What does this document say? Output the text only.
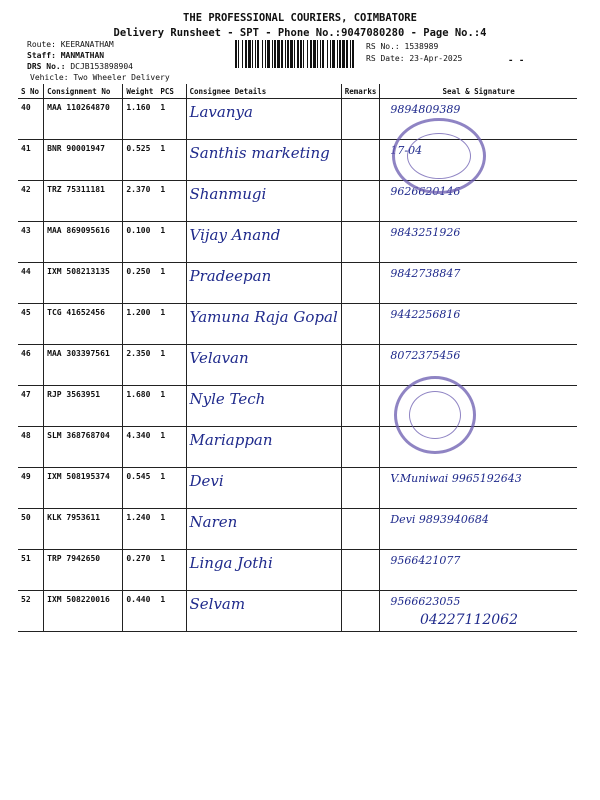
THE PROFESSIONAL COURIERS, COIMBATORE
Delivery Runsheet - SPT - Phone No.:9047080280 - Page No.:4
Route: KEERANATHAM
Staff: MANMATHAN
DRS No.: DCJB153898904
Vehicle: Two Wheeler Delivery
RS No.: 1538989
RS Date: 23-Apr-2025	- -
S No	Consignment No	Weight PCS	Consignee Details	Remarks	Seal & Signature
40	MAA 110264870	1.160 1	Lavanya		9894809389
41	BNR 90001947	0.525 1	Santhis marketing		17-04
42	TRZ 75311181	2.370 1	Shanmugi		9626620146
43	MAA 869095616	0.100 1	Vijay Anand		9843251926
44	IXM 508213135	0.250 1	Pradeepan		9842738847
45	TCG 41652456	1.200 1	Yamuna Raja Gopal		9442256816
46	MAA 303397561	2.350 1	Velavan		8072375456
47	RJP 3563951	1.680 1	Nyle Tech		
48	SLM 368768704	4.340 1	Mariappan		
49	IXM 508195374	0.545 1	Devi		V.Muniwai 9965192643
50	KLK 7953611	1.240 1	Naren		Devi 9893940684
51	TRP 7942650	0.270 1	Linga Jothi		9566421077
52	IXM 508220016	0.440 1	Selvam		9566623055
04227112062
